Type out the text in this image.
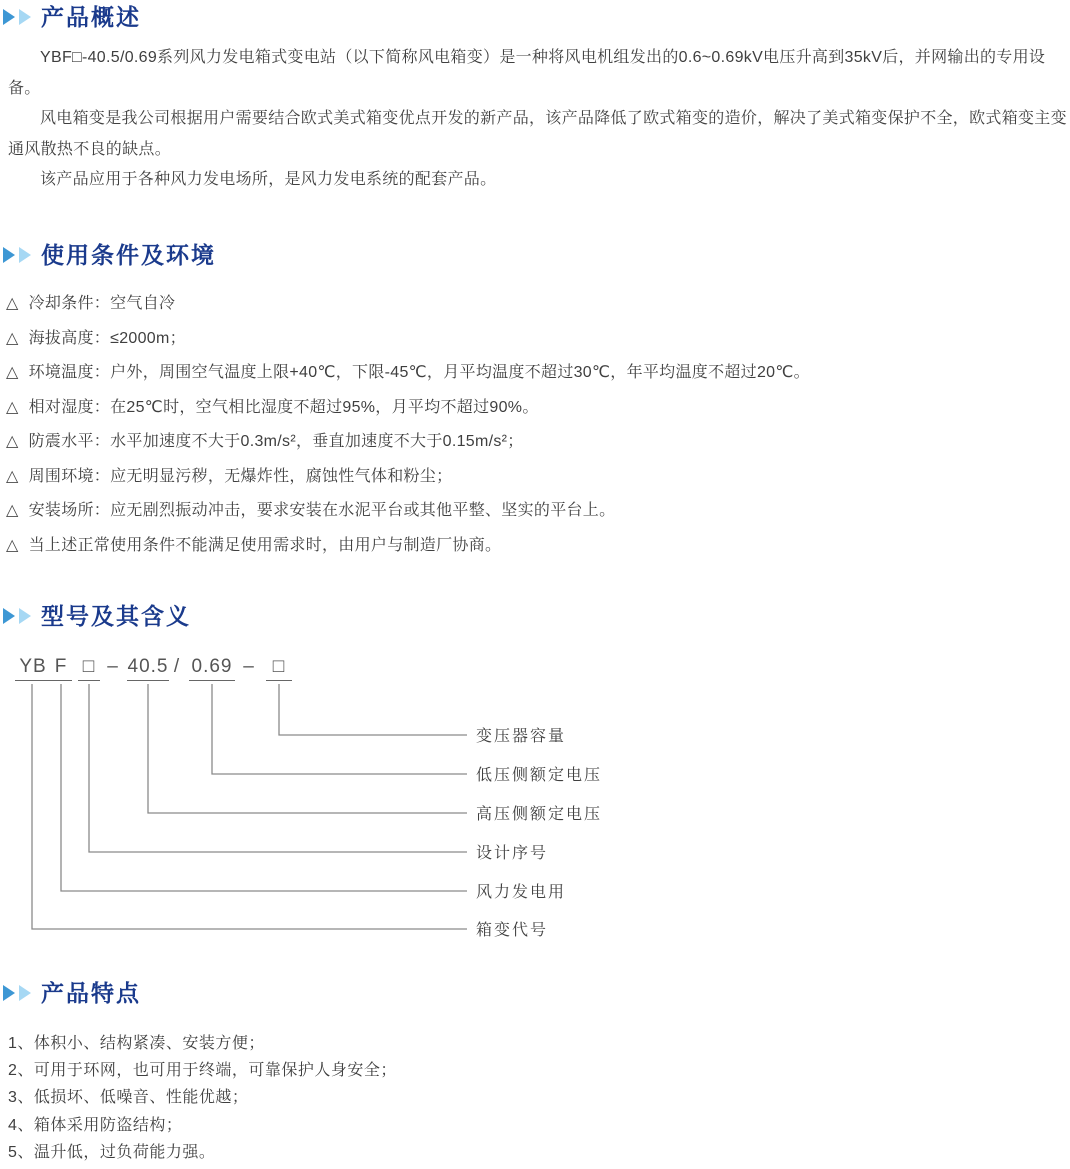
产品概述

YBF□-40.5/0.69系列风力发电箱式变电站（以下简称风电箱变）是一种将风电机组发出的0.6~0.69kV电压升高到35kV后，并网输出的专用设备。

风电箱变是我公司根据用户需要结合欧式美式箱变优点开发的新产品，该产品降低了欧式箱变的造价，解决了美式箱变保护不全，欧式箱变主变通风散热不良的缺点。

该产品应用于各种风力发电场所，是风力发电系统的配套产品。

使用条件及环境
△ 冷却条件：空气自冷
△ 海拔高度：≤2000m；
△ 环境温度：户外，周围空气温度上限+40℃，下限-45℃，月平均温度不超过30℃，年平均温度不超过20℃。
△ 相对湿度：在25℃时，空气相比湿度不超过95%，月平均不超过90%。
△ 防震水平：水平加速度不大于0.3m/s²，垂直加速度不大于0.15m/s²；
△ 周围环境：应无明显污秽，无爆炸性，腐蚀性气体和粉尘；
△ 安装场所：应无剧烈振动冲击，要求安装在水泥平台或其他平整、坚实的平台上。
△ 当上述正常使用条件不能满足使用需求时，由用户与制造厂协商。
型号及其含义
YB F □ – 40.5 / 0.69 – □
变压器容量
低压侧额定电压
高压侧额定电压
设计序号
风力发电用
箱变代号
产品特点

1、体积小、结构紧凑、安装方便；

2、可用于环网，也可用于终端，可靠保护人身安全；

3、低损坏、低噪音、性能优越；

4、箱体采用防盗结构；

5、温升低，过负荷能力强。
